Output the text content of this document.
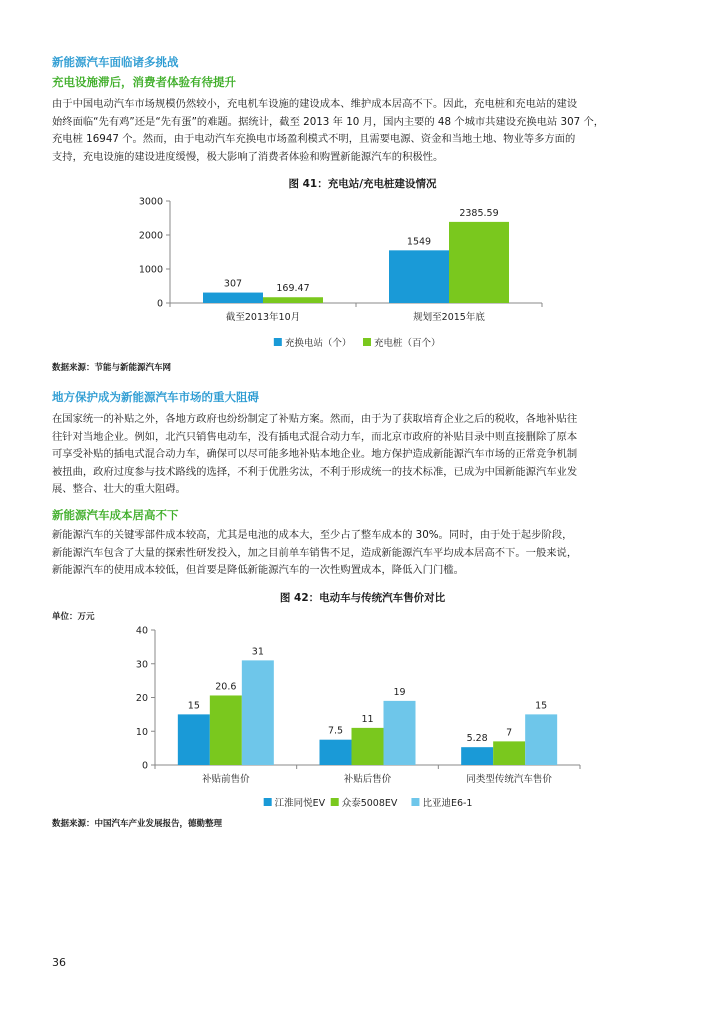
新能源汽车面临诸多挑战
充电设施滞后，消费者体验有待提升
由于中国电动汽车市场规模仍然较小，充电机车设施的建设成本、维护成本居高不下。因此，充电桩和充电站的建设
始终面临“先有鸡”还是“先有蛋”的难题。据统计，截至 2013 年 10 月，国内主要的 48 个城市共建设充换电站 307 个，
充电桩 16947 个。然而，由于电动汽车充换电市场盈利模式不明，且需要电源、资金和当地土地、物业等多方面的
支持，充电设施的建设进度缓慢，极大影响了消费者体验和购置新能源汽车的积极性。
图 41：充电站/充电桩建设情况
0
1000
2000
3000
307	169.47
截至2013年10月
1549
2385.59
规划至2015年底
充换电站（个） 充电桩（百个）
数据来源：节能与新能源汽车网
地方保护成为新能源汽车市场的重大阻碍
在国家统一的补贴之外，各地方政府也纷纷制定了补贴方案。然而，由于为了获取培育企业之后的税收，各地补贴往
往针对当地企业。例如，北汽只销售电动车，没有插电式混合动力车，而北京市政府的补贴目录中则直接删除了原本
可享受补贴的插电式混合动力车，确保可以尽可能多地补贴本地企业。地方保护造成新能源汽车市场的正常竞争机制
被扭曲，政府过度参与技术路线的选择，不利于优胜劣汰，不利于形成统一的技术标准，已成为中国新能源汽车业发
展、整合、壮大的重大阻碍。
新能源汽车成本居高不下
新能源汽车的关键零部件成本较高，尤其是电池的成本大，至少占了整车成本的 30%。同时，由于处于起步阶段，
新能源汽车包含了大量的探索性研发投入，加之目前单车销售不足，造成新能源汽车平均成本居高不下。一般来说，
新能源汽车的使用成本较低，但首要是降低新能源汽车的一次性购置成本，降低入门门槛。
图 42：电动车与传统汽车售价对比
单位：万元
0
10
20
30
40
15
20.6
31
补贴前售价
7.5
11
19
补贴后售价
5.28
7
15
同类型传统汽车售价
江淮同悦EV 众泰5008EV	比亚迪E6-1
数据来源：中国汽车产业发展报告，德勤整理
36
